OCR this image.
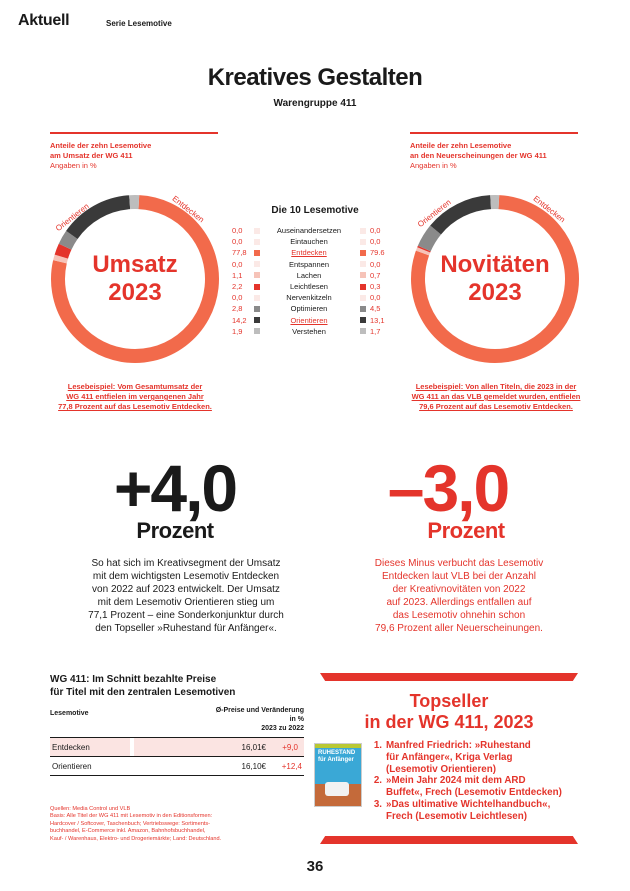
Aktuell	Serie Lesemotive
Kreatives Gestalten
Warengruppe 411
Anteile der zehn Lesemotive
am Umsatz der WG 411
Angaben in %
Anteile der zehn Lesemotive
an den Neuerscheinungen der WG 411
Angaben in %
Orientieren	Entdecken
Umsatz
2023
Orientieren	Entdecken
Novitäten
2023
Die 10 Lesemotive
0,0	Auseinandersetzen	0,0
0,0	Eintauchen	0,0
77,8	Entdecken	79.6
0,0	Entspannen	0,0
1,1	Lachen	0,7
2,2	Leichtlesen	0,3
0,0	Nervenkitzeln	0,0
2,8	Optimieren	4,5
14,2	Orientieren	13,1
1,9	Verstehen	1,7
Lesebeispiel: Vom Gesamtumsatz der
WG 411 entfielen im vergangenen Jahr
77,8 Prozent auf das Lesemotiv Entdecken.
Lesebeispiel: Von allen Titeln, die 2023 in der
WG 411 an das VLB gemeldet wurden, entfielen
79,6 Prozent auf das Lesemotiv Entdecken.
+4,0
Prozent
So hat sich im Kreativsegment der Umsatz
mit dem wichtigsten Lesemotiv Entdecken
von 2022 auf 2023 entwickelt. Der Umsatz
mit dem Lesemotiv Orientieren stieg um
77,1 Prozent – eine Sonderkonjunktur durch
den Topseller »Ruhestand für Anfänger«.
–3,0
Prozent
Dieses Minus verbucht das Lesemotiv
Entdecken laut VLB bei der Anzahl
der Kreativnovitäten von 2022
auf 2023. Allerdings entfallen auf
das Lesemotiv ohnehin schon
79,6 Prozent aller Neuerscheinungen.
WG 411: Im Schnitt bezahlte Preise
für Titel mit den zentralen Lesemotiven
Lesemotive	Ø-Preise und Veränderung
in %
2023 zu 2022
Entdecken	16,01€	+9,0
Orientieren	16,10€	+12,4
Quellen: Media Control und VLB
Basis: Alle Titel der WG 411 mit Lesemotiv in den Editionsformen:
Hardcover / Softcover, Taschenbuch; Vertriebswege: Sortiments-
buchhandel, E-Commerce inkl. Amazon, Bahnhofsbuchhandel,
Kauf- / Warenhaus, Elektro- und Drogeriemärkte; Land: Deutschland.
Topseller
in der WG 411, 2023
RUHESTAND
für Anfänger
1. Manfred Friedrich: »Ruhestand
für Anfänger«, Kriga Verlag
(Lesemotiv Orientieren)
2. »Mein Jahr 2024 mit dem ARD
Buffet«, Frech (Lesemotiv Entdecken)
3. »Das ultimative Wichtelhandbuch«,
Frech (Lesemotiv Leichtlesen)
36
